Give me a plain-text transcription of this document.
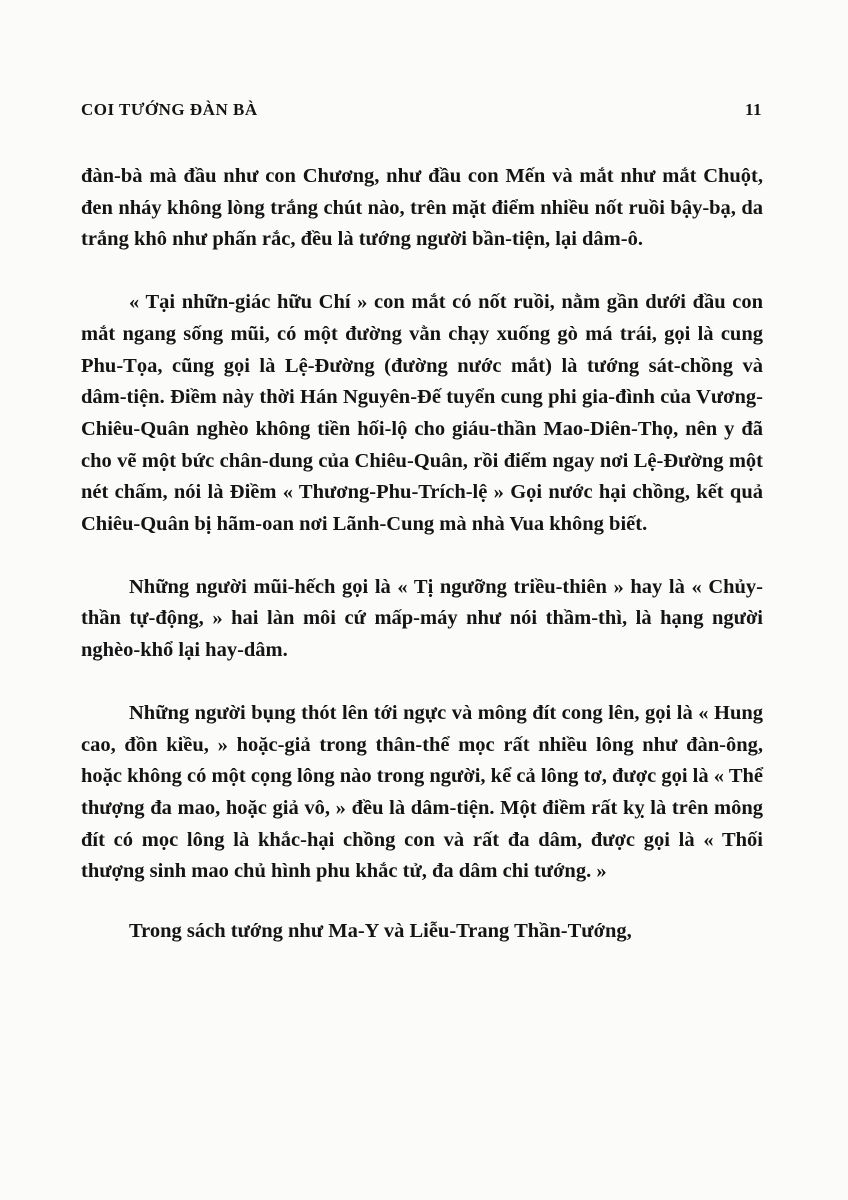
COI TƯỚNG ĐÀN BÀ	11

đàn-bà mà đầu như con Chương, như đầu con Mến và mắt như mắt Chuột, đen nháy không lòng trắng chút nào, trên mặt điểm nhiều nốt ruồi bậy-bạ, da trắng khô như phấn rắc, đều là tướng người bần-tiện, lại dâm-ô.

« Tại nhữn-giác hữu Chí » con mắt có nốt ruồi, nằm gần dưới đầu con mắt ngang sống mũi, có một đường vằn chạy xuống gò má trái, gọi là cung Phu-Tọa, cũng gọi là Lệ-Đường (đường nước mắt) là tướng sát-chồng và dâm-tiện. Điềm này thời Hán Nguyên-Đế tuyển cung phi gia-đình của Vương-Chiêu-Quân nghèo không tiền hối-lộ cho giáu-thần Mao-Diên-Thọ, nên y đã cho vẽ một bức chân-dung của Chiêu-Quân, rồi điểm ngay nơi Lệ-Đường một nét chấm, nói là Điềm « Thương-Phu-Trích-lệ » Gọi nước hại chồng, kết quả Chiêu-Quân bị hãm-oan nơi Lãnh-Cung mà nhà Vua không biết.

Những người mũi-hếch gọi là « Tị ngưỡng triều-thiên » hay là « Chủy-thần tự-động, » hai làn môi cứ mấp-máy như nói thầm-thì, là hạng người nghèo-khổ lại hay-dâm.

Những người bụng thót lên tới ngực và mông đít cong lên, gọi là « Hung cao, đồn kiều, » hoặc-giả trong thân-thể mọc rất nhiều lông như đàn-ông, hoặc không có một cọng lông nào trong người, kể cả lông tơ, được gọi là « Thể thượng đa mao, hoặc giả vô, » đều là dâm-tiện. Một điềm rất kỵ là trên mông đít có mọc lông là khắc-hại chồng con và rất đa dâm, được gọi là « Thối thượng sinh mao chủ hình phu khắc tử, đa dâm chi tướng. »

Trong sách tướng như Ma-Y và Liễu-Trang Thần-Tướng,
